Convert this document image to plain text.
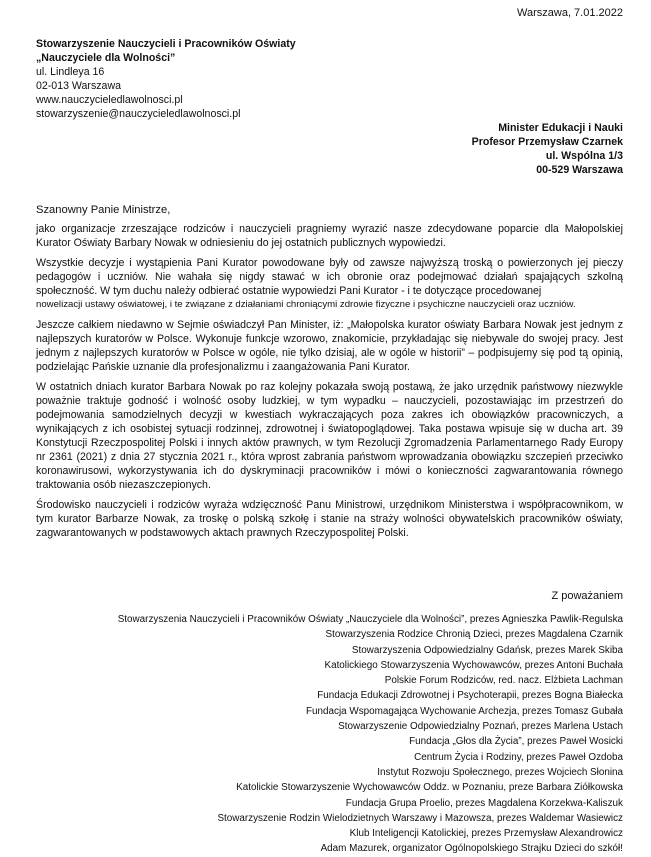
Warszawa, 7.01.2022
Stowarzyszenie Nauczycieli i Pracowników Oświaty
„Nauczyciele dla Wolności”
ul. Lindleya 16
02-013 Warszawa
www.nauczycieledlawolnosci.pl
stowarzyszenie@nauczycieledlawolnosci.pl
Minister Edukacji i Nauki
Profesor Przemysław Czarnek
ul. Wspólna 1/3
00-529 Warszawa
Szanowny Panie Ministrze,

jako organizacje zrzeszające rodziców i nauczycieli pragniemy wyrazić nasze zdecydowane poparcie dla Małopolskiej Kurator Oświaty Barbary Nowak w odniesieniu do jej ostatnich publicznych wypowiedzi.

Wszystkie decyzje i wystąpienia Pani Kurator powodowane były od zawsze najwyższą troską o powierzonych jej pieczy pedagogów i uczniów. Nie wahała się nigdy stawać w ich obronie oraz podejmować działań spajających szkolną społeczność. W tym duchu należy odbierać ostatnie wypowiedzi Pani Kurator - i te dotyczące procedowanej

nowelizacji ustawy oświatowej, i te związane z działaniami chroniącymi zdrowie fizyczne i psychiczne nauczycieli oraz uczniów.

Jeszcze całkiem niedawno w Sejmie oświadczył Pan Minister, iż: „Małopolska kurator oświaty Barbara Nowak jest jednym z najlepszych kuratorów w Polsce. Wykonuje funkcje wzorowo, znakomicie, przykładając się niebywale do swojej pracy. Jest jednym z najlepszych kuratorów w Polsce w ogóle, nie tylko dzisiaj, ale w ogóle w historii” – podpisujemy się pod tą opinią, podzielając Pańskie uznanie dla profesjonalizmu i zaangażowania Pani Kurator.

W ostatnich dniach kurator Barbara Nowak po raz kolejny pokazała swoją postawą, że jako urzędnik państwowy niezwykle poważnie traktuje godność i wolność osoby ludzkiej, w tym wypadku – nauczycieli, pozostawiając im przestrzeń do podejmowania samodzielnych decyzji w kwestiach wykraczających poza zakres ich obowiązków pracowniczych, a wynikających z ich osobistej sytuacji rodzinnej, zdrowotnej i światopoglądowej. Taka postawa wpisuje się w ducha art. 39 Konstytucji Rzeczpospolitej Polski i innych aktów prawnych, w tym Rezolucji Zgromadzenia Parlamentarnego Rady Europy nr 2361 (2021) z dnia 27 stycznia 2021 r., która wprost zabrania państwom wprowadzania obowiązku szczepień przeciwko koronawirusowi, wykorzystywania ich do dyskryminacji pracowników i mówi o konieczności zagwarantowania równego traktowania osób niezaszczepionych.

Środowisko nauczycieli i rodziców wyraża wdzięczność Panu Ministrowi, urzędnikom Ministerstwa i współpracownikom, w tym kurator Barbarze Nowak, za troskę o polską szkołę i stanie na straży wolności obywatelskich pracowników oświaty, zagwarantowanych w podstawowych aktach prawnych Rzeczypospolitej Polski.

Z poważaniem
Stowarzyszenia Nauczycieli i Pracowników Oświaty „Nauczyciele dla Wolności”, prezes Agnieszka Pawlik-Regulska
Stowarzyszenia Rodzice Chronią Dzieci, prezes Magdalena Czarnik
Stowarzyszenia Odpowiedzialny Gdańsk, prezes Marek Skiba
Katolickiego Stowarzyszenia Wychowawców, prezes Antoni Buchała
Polskie Forum Rodziców, red. nacz. Elżbieta Lachman
Fundacja Edukacji Zdrowotnej i Psychoterapii, prezes Bogna Białecka
Fundacja Wspomagająca Wychowanie Archezja, prezes Tomasz Gubała
Stowarzyszenie Odpowiedzialny Poznań, prezes Marlena Ustach
Fundacja „Głos dla Życia”, prezes Paweł Wosicki
Centrum Życia i Rodziny, prezes Paweł Ozdoba
Instytut Rozwoju Społecznego, prezes Wojciech Słonina
Katolickie Stowarzyszenie Wychowawców Oddz. w Poznaniu, preze Barbara Ziółkowska
Fundacja Grupa Proelio, prezes Magdalena Korzekwa-Kaliszuk
Stowarzyszenie Rodzin Wielodzietnych Warszawy i Mazowsza, prezes Waldemar Wasiewicz
Klub Inteligencji Katolickiej, prezes Przemysław Alexandrowicz
Adam Mazurek, organizator Ogólnopolskiego Strajku Dzieci do szkół!
